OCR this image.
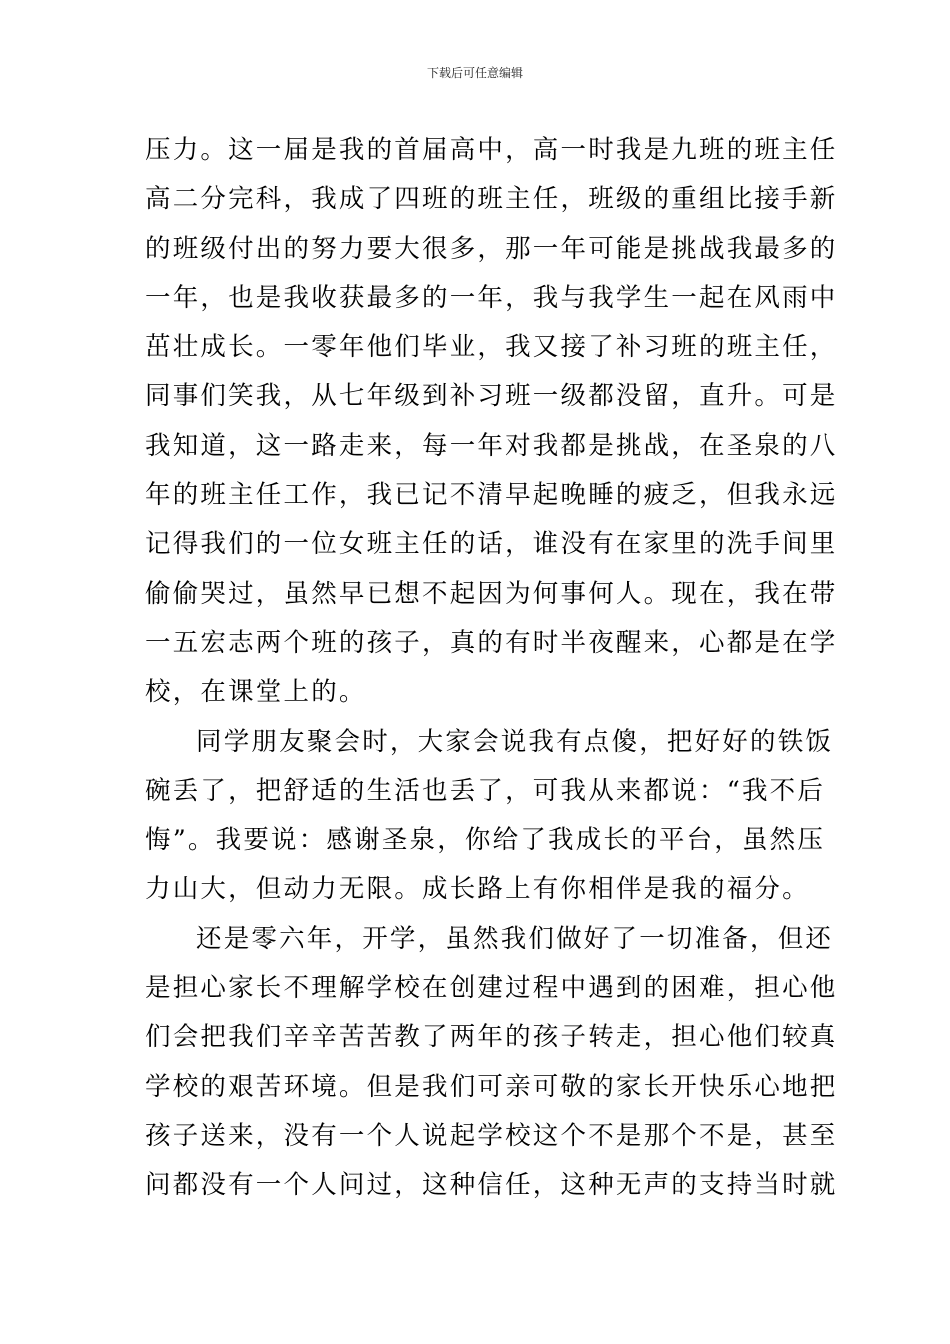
下载后可任意编辑
压力。这一届是我的首届高中，高一时我是九班的班主任
高二分完科，我成了四班的班主任，班级的重组比接手新
的班级付出的努力要大很多，那一年可能是挑战我最多的
一年，也是我收获最多的一年，我与我学生一起在风雨中
茁壮成长。一零年他们毕业，我又接了补习班的班主任，
同事们笑我，从七年级到补习班一级都没留，直升。可是
我知道，这一路走来，每一年对我都是挑战，在圣泉的八
年的班主任工作，我已记不清早起晚睡的疲乏，但我永远
记得我们的一位女班主任的话，谁没有在家里的洗手间里
偷偷哭过，虽然早已想不起因为何事何人。现在，我在带
一五宏志两个班的孩子，真的有时半夜醒来，心都是在学
校，在课堂上的。
同学朋友聚会时，大家会说我有点傻，把好好的铁饭
碗丢了，把舒适的生活也丢了，可我从来都说：“我不后
悔”。我要说：感谢圣泉，你给了我成长的平台，虽然压
力山大，但动力无限。成长路上有你相伴是我的福分。
还是零六年，开学，虽然我们做好了一切准备，但还
是担心家长不理解学校在创建过程中遇到的困难，担心他
们会把我们辛辛苦苦教了两年的孩子转走，担心他们较真
学校的艰苦环境。但是我们可亲可敬的家长开快乐心地把
孩子送来，没有一个人说起学校这个不是那个不是，甚至
问都没有一个人问过，这种信任，这种无声的支持当时就
